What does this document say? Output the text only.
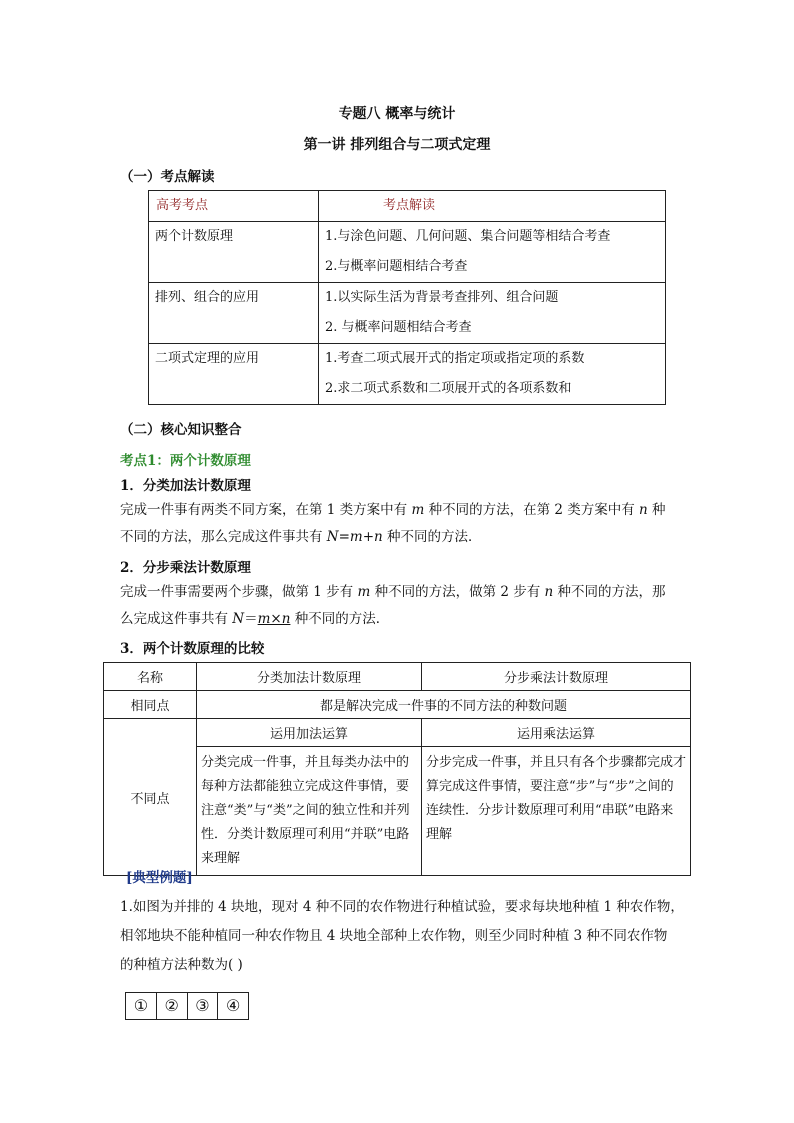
专题八 概率与统计
第一讲 排列组合与二项式定理
（一）考点解读
高考考点	考点解读
两个计数原理	1.与涂色问题、几何问题、集合问题等相结合考查
2.与概率问题相结合考查

排列、组合的应用	1.以实际生活为背景考查排列、组合问题
2. 与概率问题相结合考查

二项式定理的应用	1.考查二项式展开式的指定项或指定项的系数
2.求二项式系数和二项展开式的各项系数和
（二）核心知识整合
考点1：两个计数原理
1．分类加法计数原理
完成一件事有两类不同方案，在第 1 类方案中有 m 种不同的方法，在第 2 类方案中有 n 种
不同的方法，那么完成这件事共有 N=m+n 种不同的方法．
2．分步乘法计数原理
完成一件事需要两个步骤，做第 1 步有 m 种不同的方法，做第 2 步有 n 种不同的方法，那
么完成这件事共有 N＝m×n 种不同的方法．
3．两个计数原理的比较
名称	分类加法计数原理	分步乘法计数原理
相同点	都是解决完成一件事的不同方法的种数问题	
不同点	运用加法运算	运用乘法运算
	分类完成一件事，并且每类办法中的每种方法都能独立完成这件事情，要注意“类”与“类”之间的独立性和并列性．分类计数原理可利用“并联”电路来理解	分步完成一件事，并且只有各个步骤都完成才算完成这件事情，要注意“步”与“步”之间的连续性．分步计数原理可利用“串联”电路来理解
[典型例题]
1.如图为并排的 4 块地，现对 4 种不同的农作物进行种植试验，要求每块地种植 1 种农作物，
相邻地块不能种植同一种农作物且 4 块地全部种上农作物，则至少同时种植 3 种不同农作物
的种植方法种数为( )
①	②	③	④
